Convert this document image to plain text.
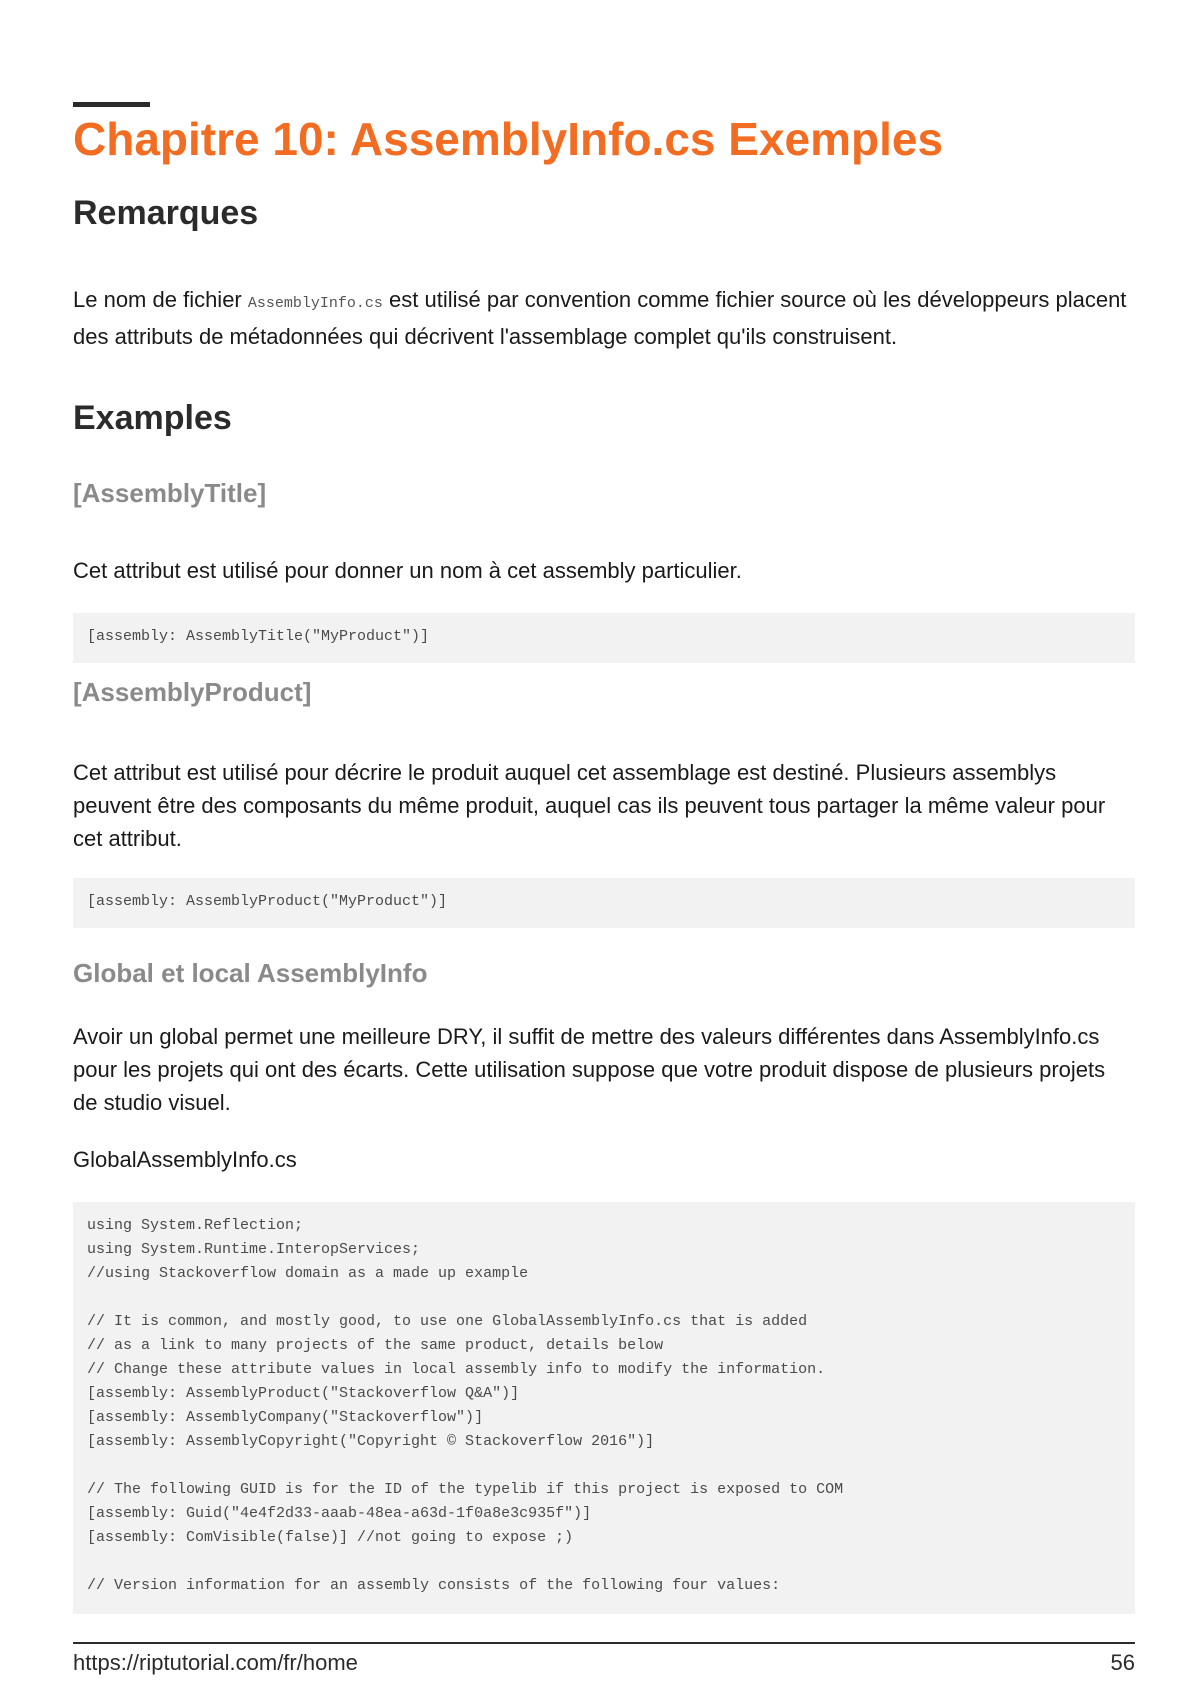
Chapitre 10: AssemblyInfo.cs Exemples
Remarques

Le nom de fichier AssemblyInfo.cs est utilisé par convention comme fichier source où les développeurs placent des attributs de métadonnées qui décrivent l'assemblage complet qu'ils construisent.

Examples
[AssemblyTitle]

Cet attribut est utilisé pour donner un nom à cet assembly particulier.

[assembly: AssemblyTitle("MyProduct")]
[AssemblyProduct]

Cet attribut est utilisé pour décrire le produit auquel cet assemblage est destiné. Plusieurs assemblys peuvent être des composants du même produit, auquel cas ils peuvent tous partager la même valeur pour cet attribut.

[assembly: AssemblyProduct("MyProduct")]
Global et local AssemblyInfo

Avoir un global permet une meilleure DRY, il suffit de mettre des valeurs différentes dans AssemblyInfo.cs pour les projets qui ont des écarts. Cette utilisation suppose que votre produit dispose de plusieurs projets de studio visuel.

GlobalAssemblyInfo.cs

using System.Reflection;
using System.Runtime.InteropServices;
//using Stackoverflow domain as a made up example
// It is common, and mostly good, to use one GlobalAssemblyInfo.cs that is added
// as a link to many projects of the same product, details below
// Change these attribute values in local assembly info to modify the information.
[assembly: AssemblyProduct("Stackoverflow Q&A")]
[assembly: AssemblyCompany("Stackoverflow")]
[assembly: AssemblyCopyright("Copyright © Stackoverflow 2016")]
// The following GUID is for the ID of the typelib if this project is exposed to COM
[assembly: Guid("4e4f2d33-aaab-48ea-a63d-1f0a8e3c935f")]
[assembly: ComVisible(false)] //not going to expose ;)
// Version information for an assembly consists of the following four values:
https://riptutorial.com/fr/home	56
